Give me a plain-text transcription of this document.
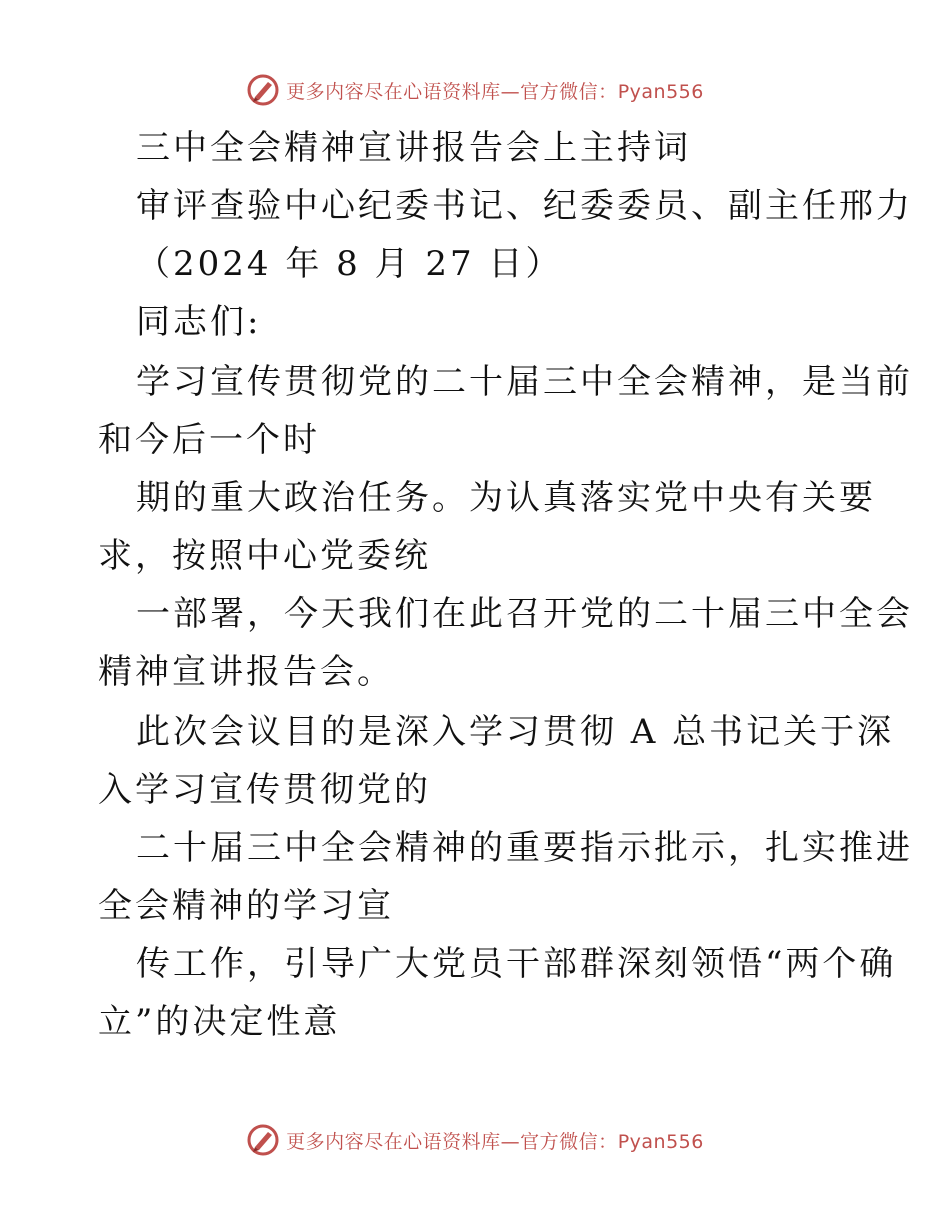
更多内容尽在心语资料库—官方微信：Pyan556
三中全会精神宣讲报告会上主持词
审评查验中心纪委书记、纪委委员、副主任邢力
（2024 年 8 月 27 日）
同志们:
学习宣传贯彻党的二十届三中全会精神，是当前
和今后一个时
期的重大政治任务。为认真落实党中央有关要
求，按照中心党委统
一部署，今天我们在此召开党的二十届三中全会
精神宣讲报告会。
此次会议目的是深入学习贯彻 A 总书记关于深
入学习宣传贯彻党的
二十届三中全会精神的重要指示批示，扎实推进
全会精神的学习宣
传工作，引导广大党员干部群深刻领悟“两个确
立”的决定性意
更多内容尽在心语资料库—官方微信：Pyan556
